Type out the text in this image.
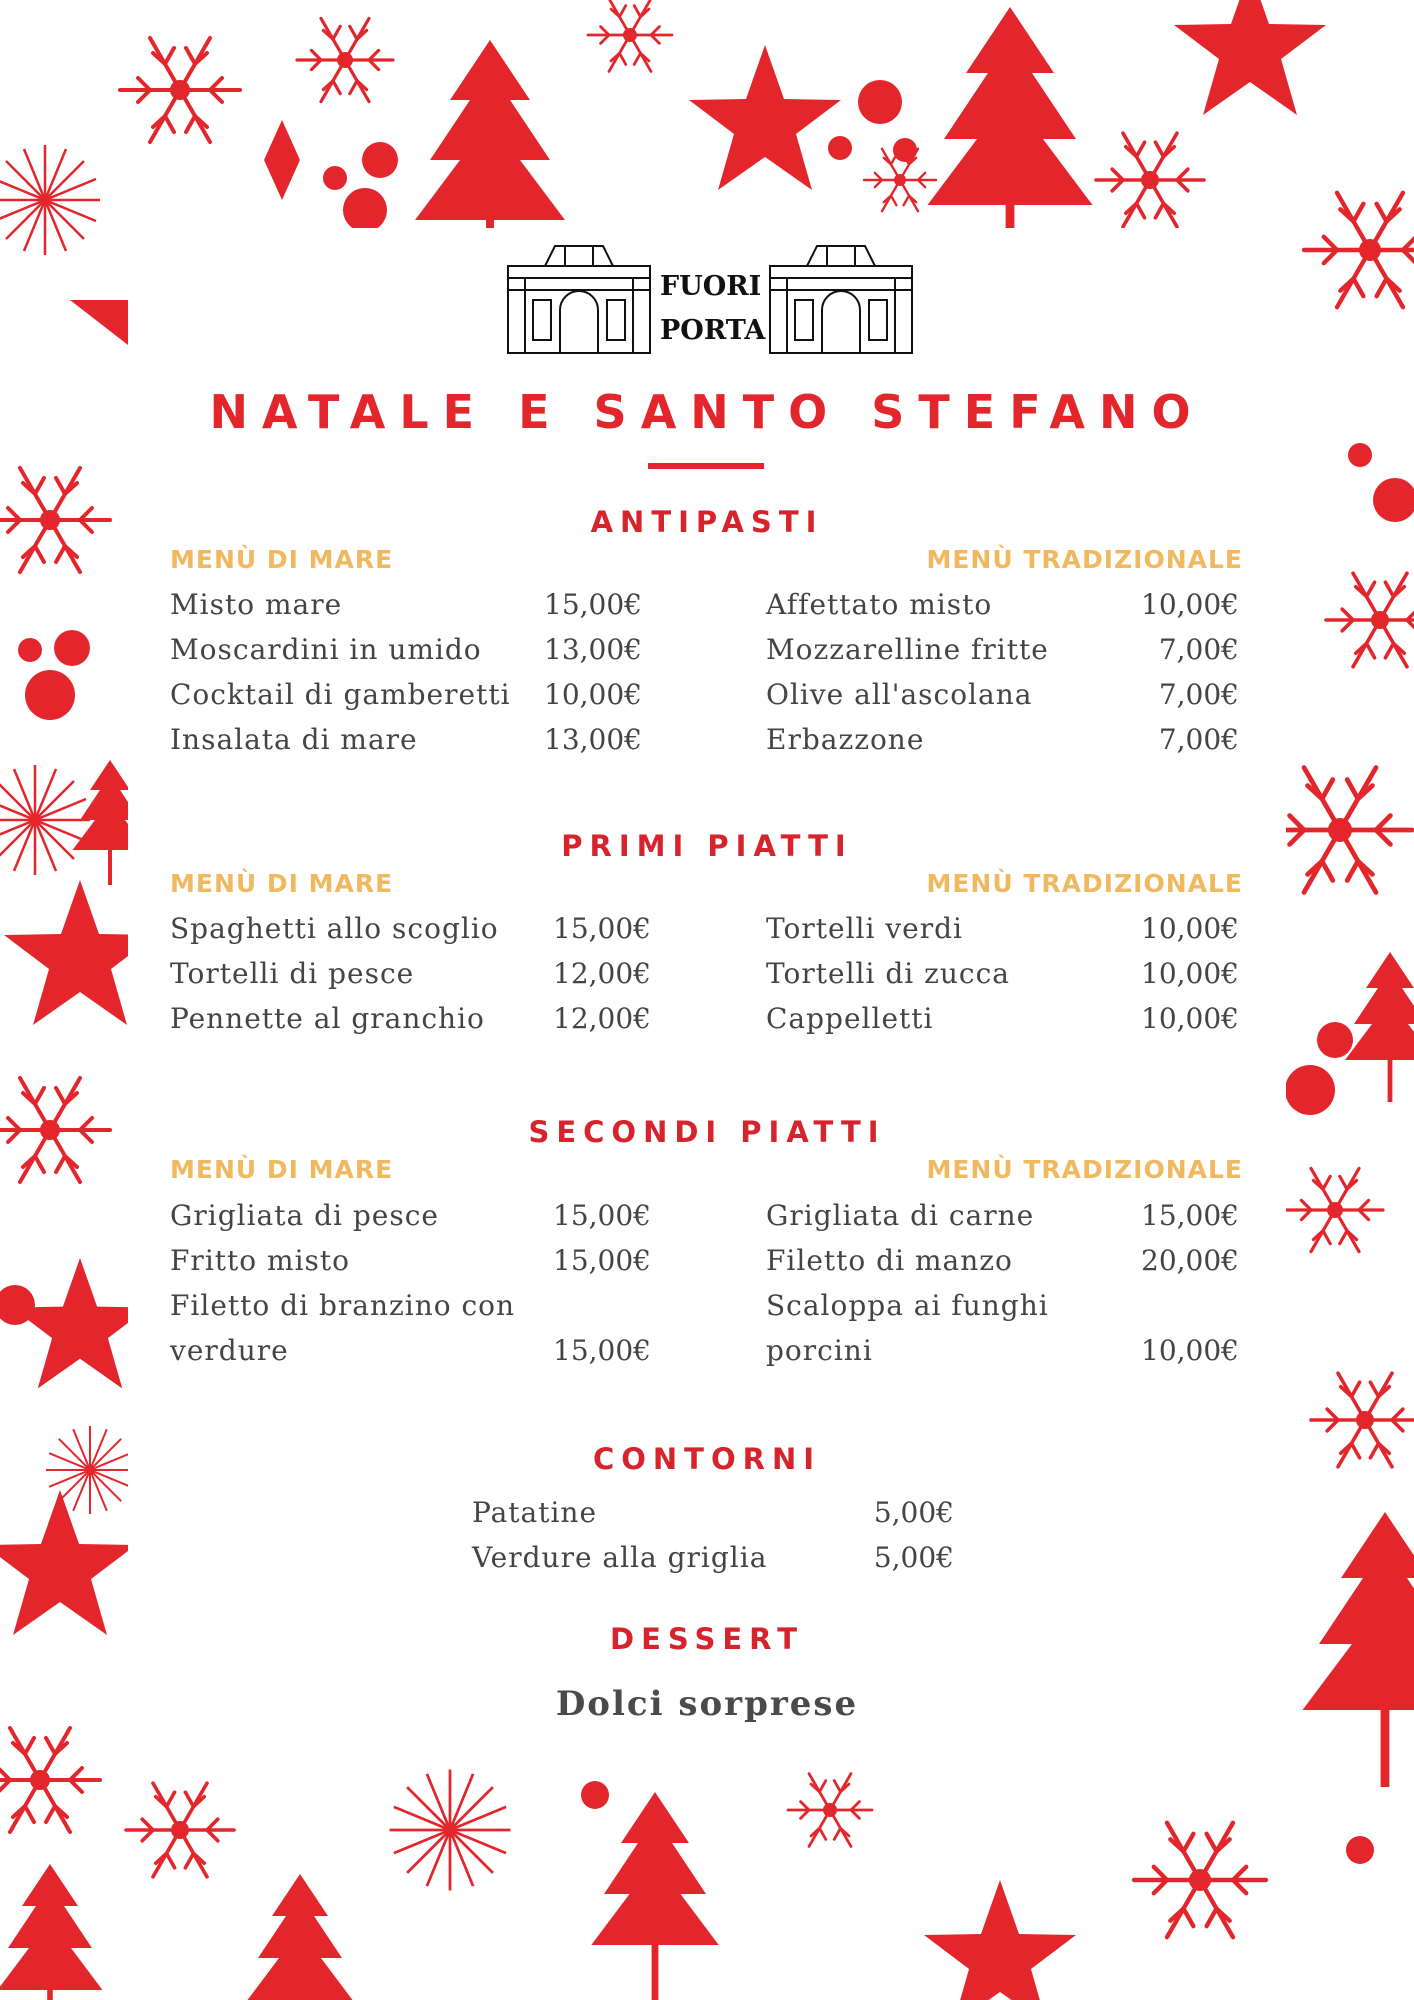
FUORI
PORTA
NATALE E SANTO STEFANO
ANTIPASTI
MENÙ DI MARE	MENÙ TRADIZIONALE
Misto mare	15,00€
Moscardini in umido 13,00€
Cocktail di gamberetti 10,00€
Insalata di mare	13,00€
Affettato misto	10,00€
Mozzarelline fritte	7,00€
Olive all'ascolana	7,00€
Erbazzone	7,00€
PRIMI PIATTI
MENÙ DI MARE	MENÙ TRADIZIONALE
Spaghetti allo scoglio 15,00€
Tortelli di pesce	12,00€
Pennette al granchio 12,00€
Tortelli verdi	10,00€
Tortelli di zucca	10,00€
Cappelletti	10,00€
SECONDI PIATTI
MENÙ DI MARE	MENÙ TRADIZIONALE
Grigliata di pesce	15,00€
Fritto misto	15,00€
Filetto di branzino con
verdure	15,00€
Grigliata di carne	15,00€
Filetto di manzo	20,00€
Scaloppa ai funghi
porcini	10,00€
CONTORNI
Patatine	5,00€
Verdure alla griglia	5,00€
DESSERT
Dolci sorprese
